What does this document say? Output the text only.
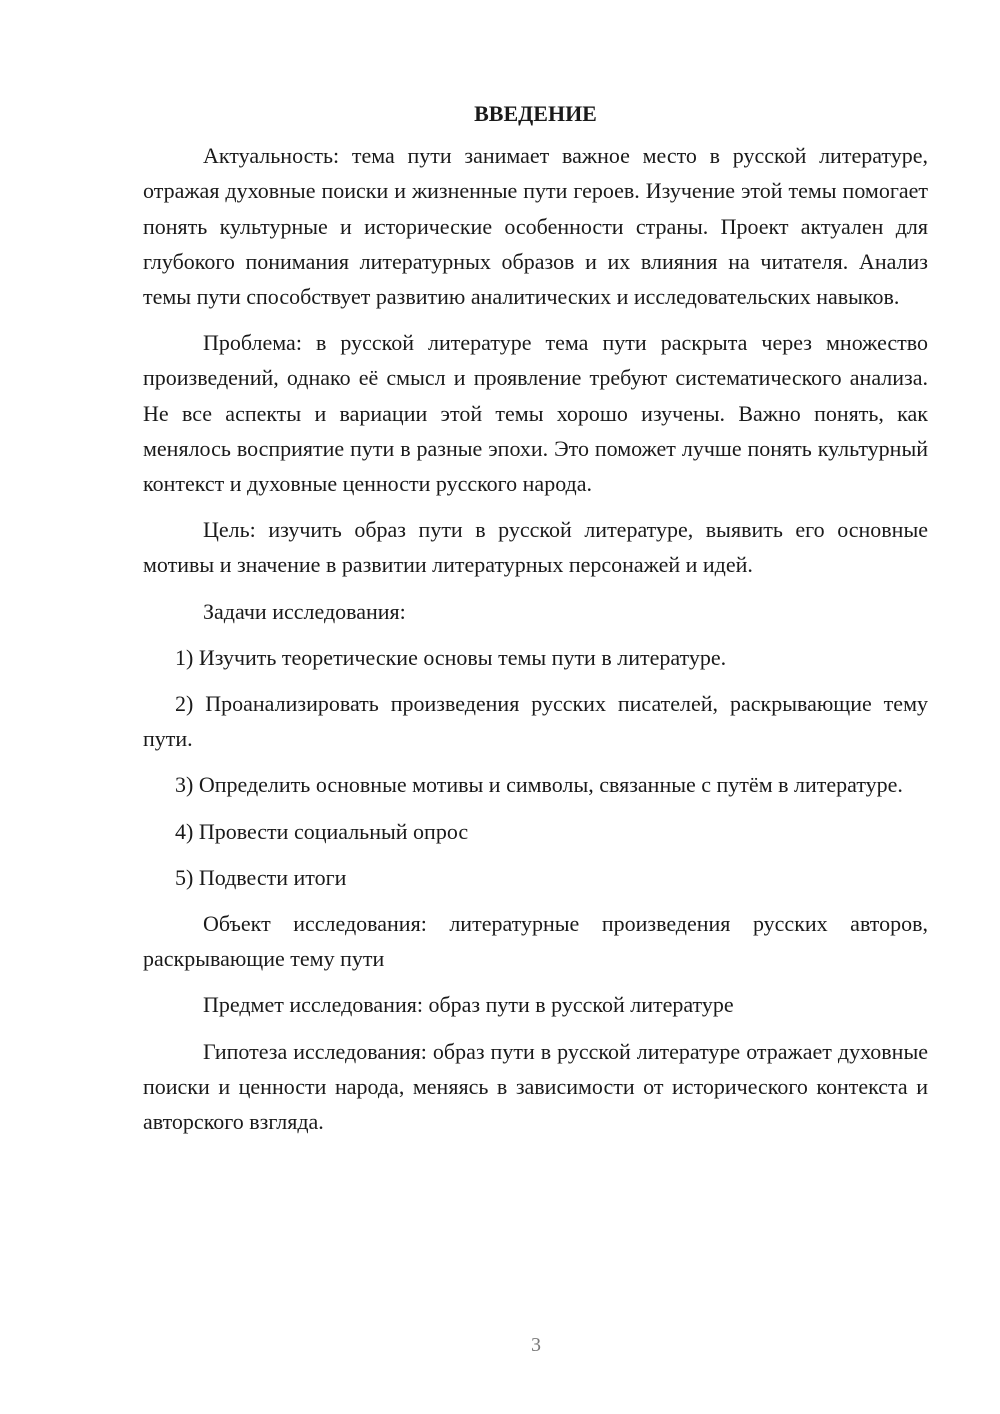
ВВЕДЕНИЕ

Актуальность: тема пути занимает важное место в русской литературе, отражая духовные поиски и жизненные пути героев. Изучение этой темы помогает понять культурные и исторические особенности страны. Проект актуален для глубокого понимания литературных образов и их влияния на читателя. Анализ темы пути способствует развитию аналитических и исследовательских навыков.

Проблема: в русской литературе тема пути раскрыта через множество произведений, однако её смысл и проявление требуют систематического анализа. Не все аспекты и вариации этой темы хорошо изучены. Важно понять, как менялось восприятие пути в разные эпохи. Это поможет лучше понять культурный контекст и духовные ценности русского народа.

Цель: изучить образ пути в русской литературе, выявить его основные мотивы и значение в развитии литературных персонажей и идей.

Задачи исследования:

1) Изучить теоретические основы темы пути в литературе.

2) Проанализировать произведения русских писателей, раскрывающие тему пути.

3) Определить основные мотивы и символы, связанные с путём в литературе.

4) Провести социальный опрос

5) Подвести итоги

Объект исследования: литературные произведения русских авторов, раскрывающие тему пути

Предмет исследования: образ пути в русской литературе

Гипотеза исследования: образ пути в русской литературе отражает духовные поиски и ценности народа, меняясь в зависимости от исторического контекста и авторского взгляда.

3
